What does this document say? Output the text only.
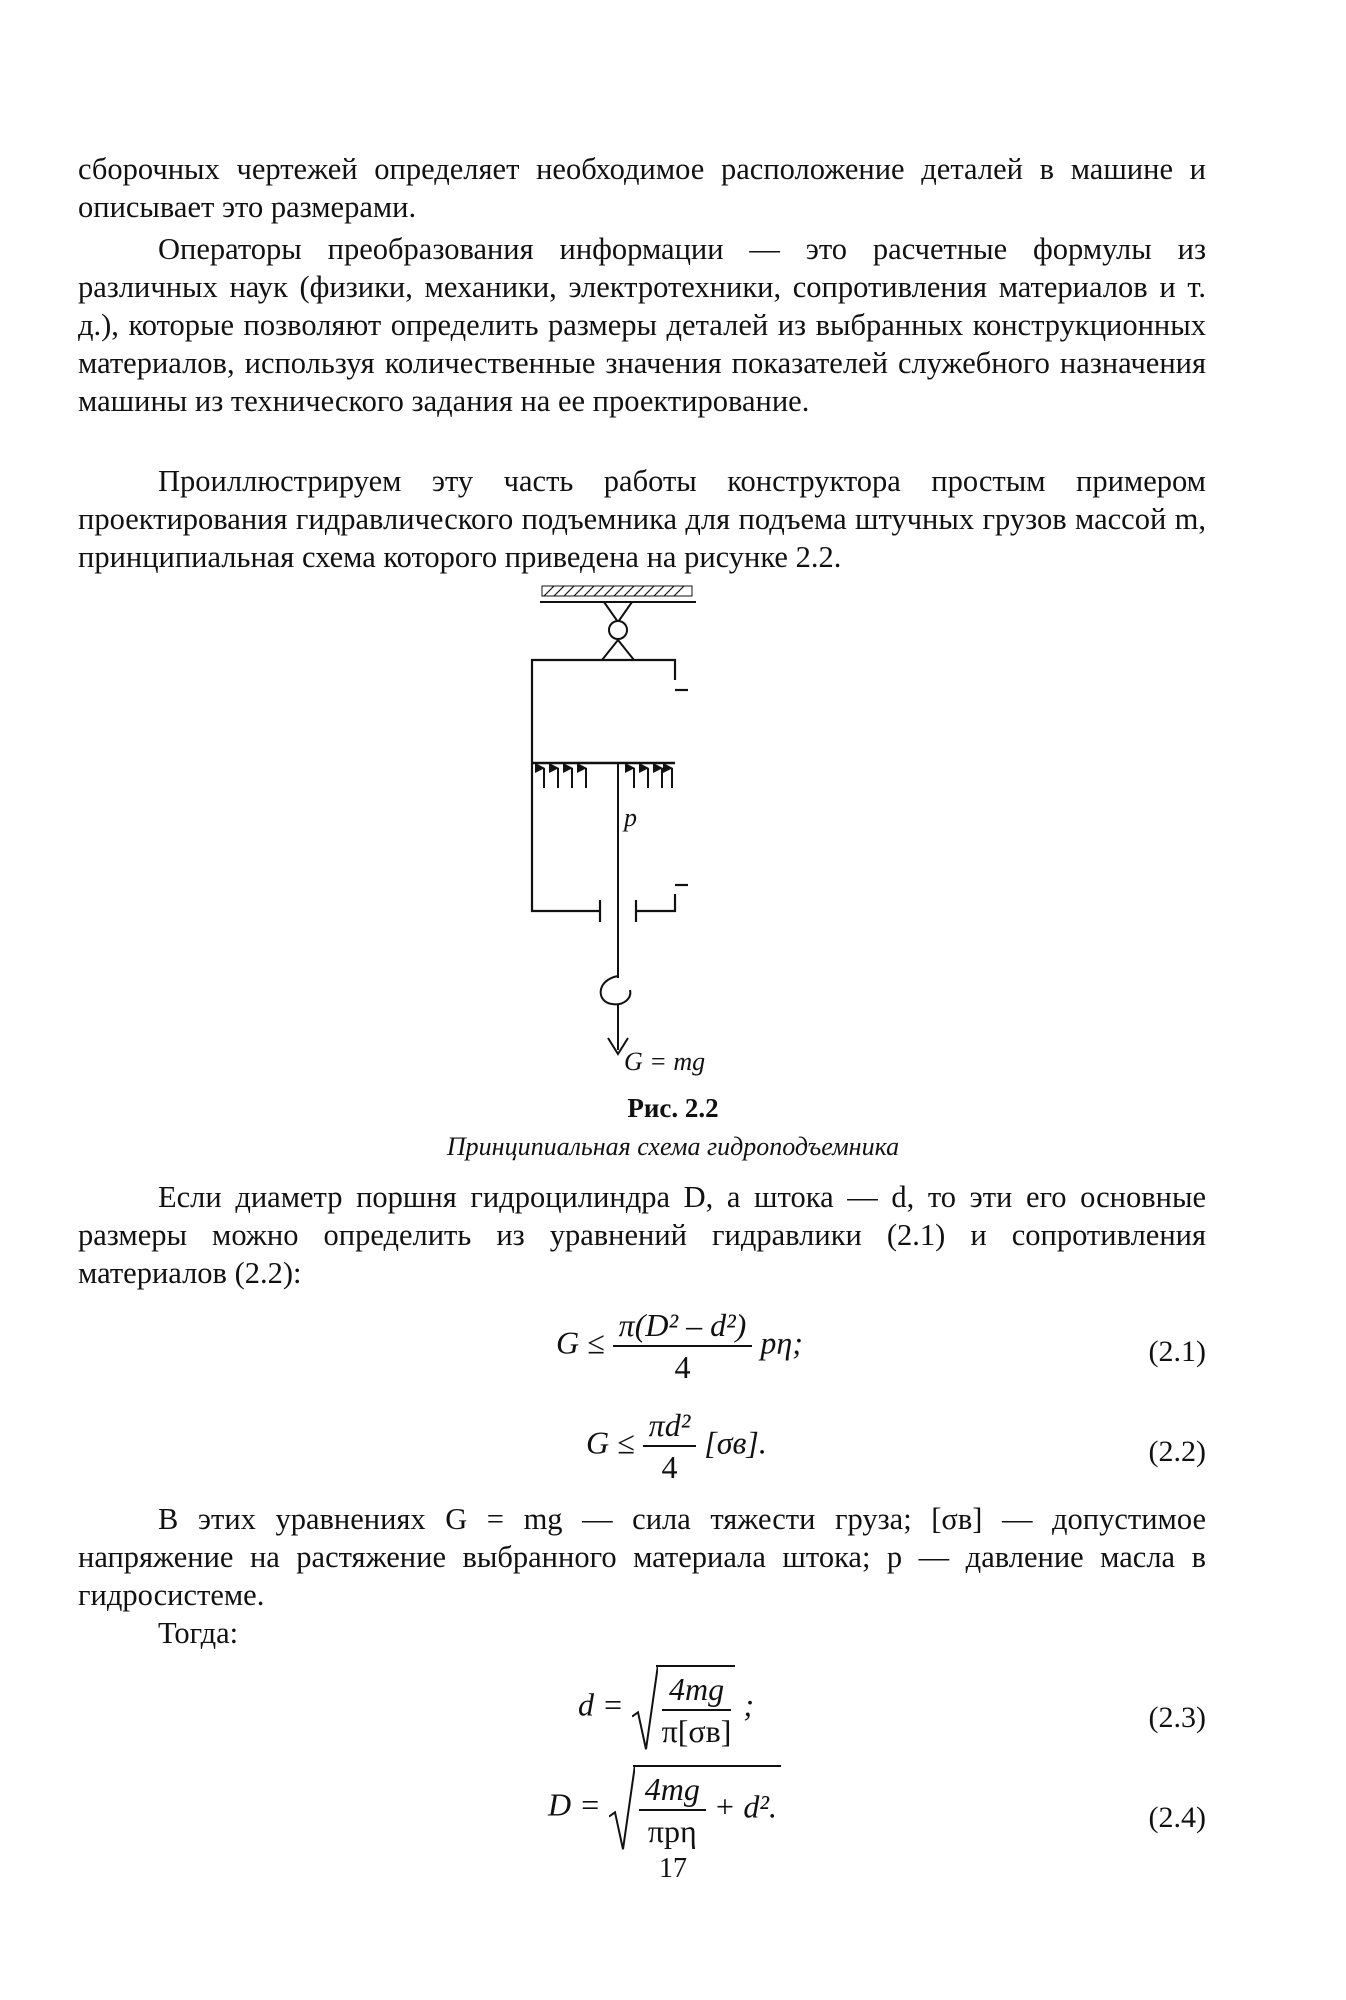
сборочных чертежей определяет необходимое расположение деталей в машине и описывает это размерами.

Операторы преобразования информации — это расчетные формулы из различных наук (физики, механики, электротехники, сопротивления материалов и т. д.), которые позволяют определить размеры деталей из выбранных конструкционных материалов, используя количественные значения показателей служебного назначения машины из технического задания на ее проектирование.

Проиллюстрируем эту часть работы конструктора простым примером проектирования гидравлического подъемника для подъема штучных грузов массой m, принципиальная схема которого приведена на рисунке 2.2.

p
G = mg
Рис. 2.2
Принципиальная схема гидроподъемника

Если диаметр поршня гидроцилиндра D, а штока — d, то эти его основные размеры можно определить из уравнений гидравлики (2.1) и сопротивления материалов (2.2):

$G \le \frac{\text{π(D² – d²)}}{4} p\eta$;	(2.1)
$G \le \frac{\text{πd²}}{4} [\sigma в]$.	(2.2)

В этих уравнениях G = mg — сила тяжести груза; [σв] — допустимое напряжение на растяжение выбранного материала штока; p — давление масла в гидросистеме.

Тогда:

$d = \frac{4mg}{\pi[\sigma в]}$ ;	(2.3)
$D = \frac{4mg}{\text{πpη}} + d^2$.	(2.4)
17
